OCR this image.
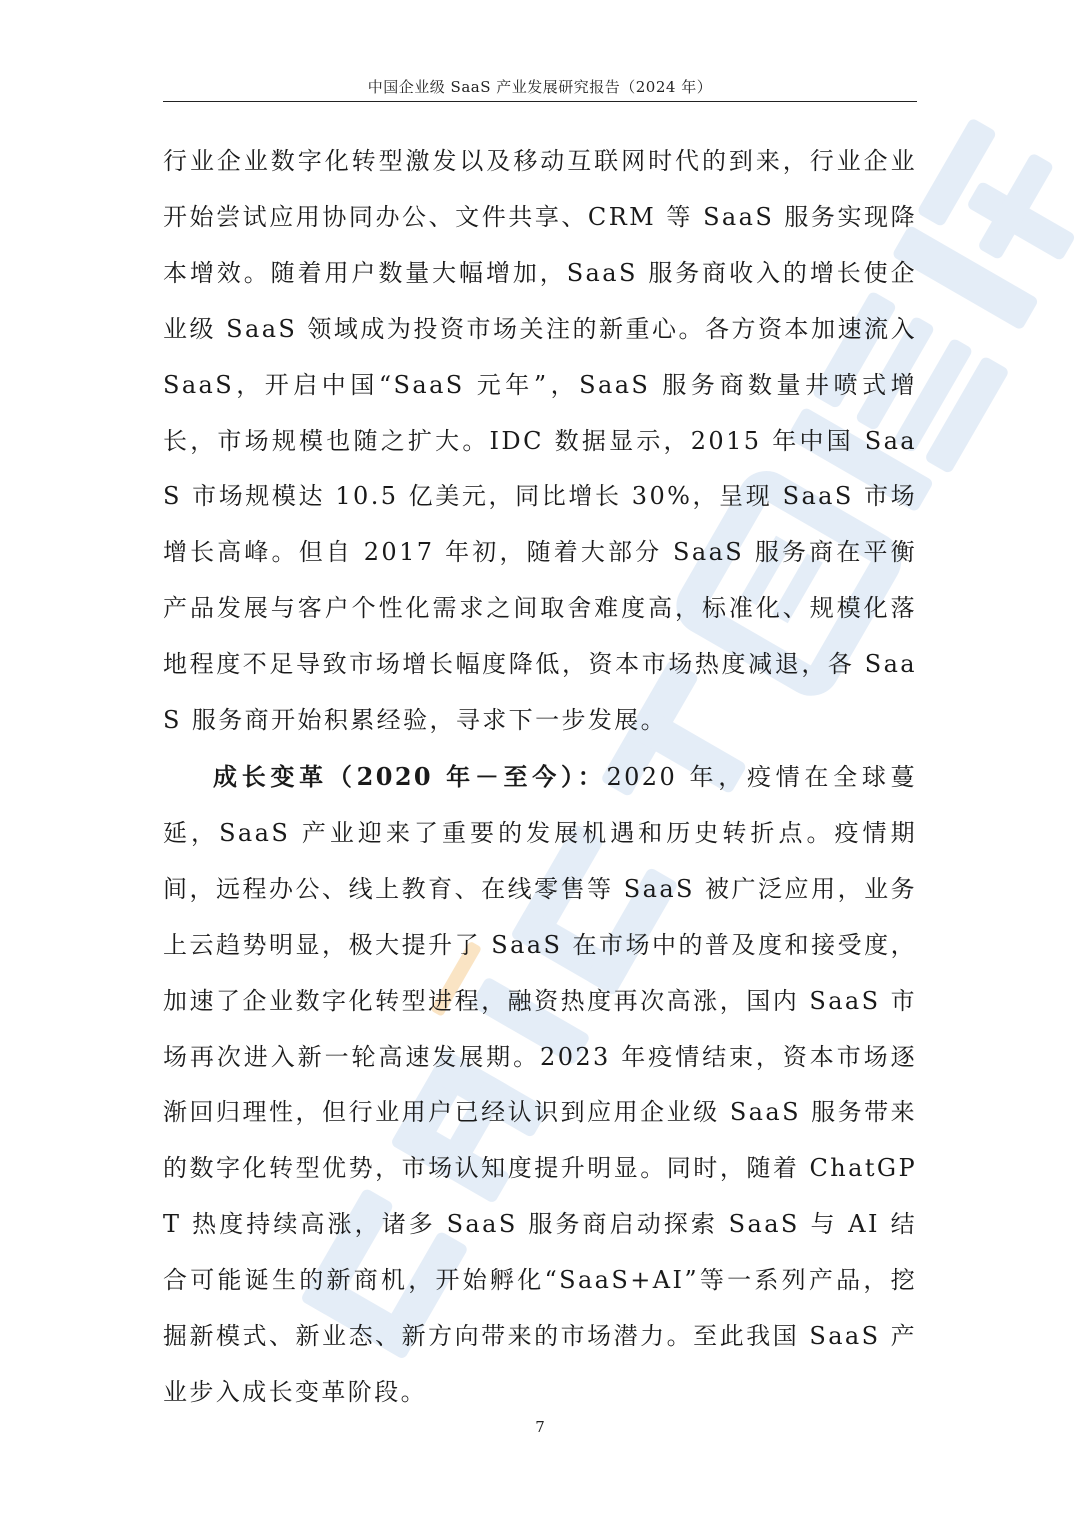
中国企业级 SaaS 产业发展研究报告（2024 年）

行业企业数字化转型激发以及移动互联网时代的到来，行业企业开始尝试应用协同办公、文件共享、CRM 等 SaaS 服务实现降本增效。随着用户数量大幅增加，SaaS 服务商收入的增长使企业级 SaaS 领域成为投资市场关注的新重心。各方资本加速流入 SaaS，开启中国“SaaS 元年”，SaaS 服务商数量井喷式增长，市场规模也随之扩大。IDC 数据显示，2015 年中国 SaaS 市场规模达 10.5 亿美元，同比增长 30%，呈现 SaaS 市场增长高峰。但自 2017 年初，随着大部分 SaaS 服务商在平衡产品发展与客户个性化需求之间取舍难度高，标准化、规模化落地程度不足导致市场增长幅度降低，资本市场热度减退，各 SaaS 服务商开始积累经验，寻求下一步发展。

成长变革（2020 年－至今）：2020 年，疫情在全球蔓延，SaaS 产业迎来了重要的发展机遇和历史转折点。疫情期间，远程办公、线上教育、在线零售等 SaaS 被广泛应用，业务上云趋势明显，极大提升了 SaaS 在市场中的普及度和接受度，加速了企业数字化转型进程，融资热度再次高涨，国内 SaaS 市场再次进入新一轮高速发展期。2023 年疫情结束，资本市场逐渐回归理性，但行业用户已经认识到应用企业级 SaaS 服务带来的数字化转型优势，市场认知度提升明显。同时，随着 ChatGPT 热度持续高涨，诸多 SaaS 服务商启动探索 SaaS 与 AI 结合可能诞生的新商机，开始孵化“SaaS+AI”等一系列产品，挖掘新模式、新业态、新方向带来的市场潜力。至此我国 SaaS 产业步入成长变革阶段。

7
